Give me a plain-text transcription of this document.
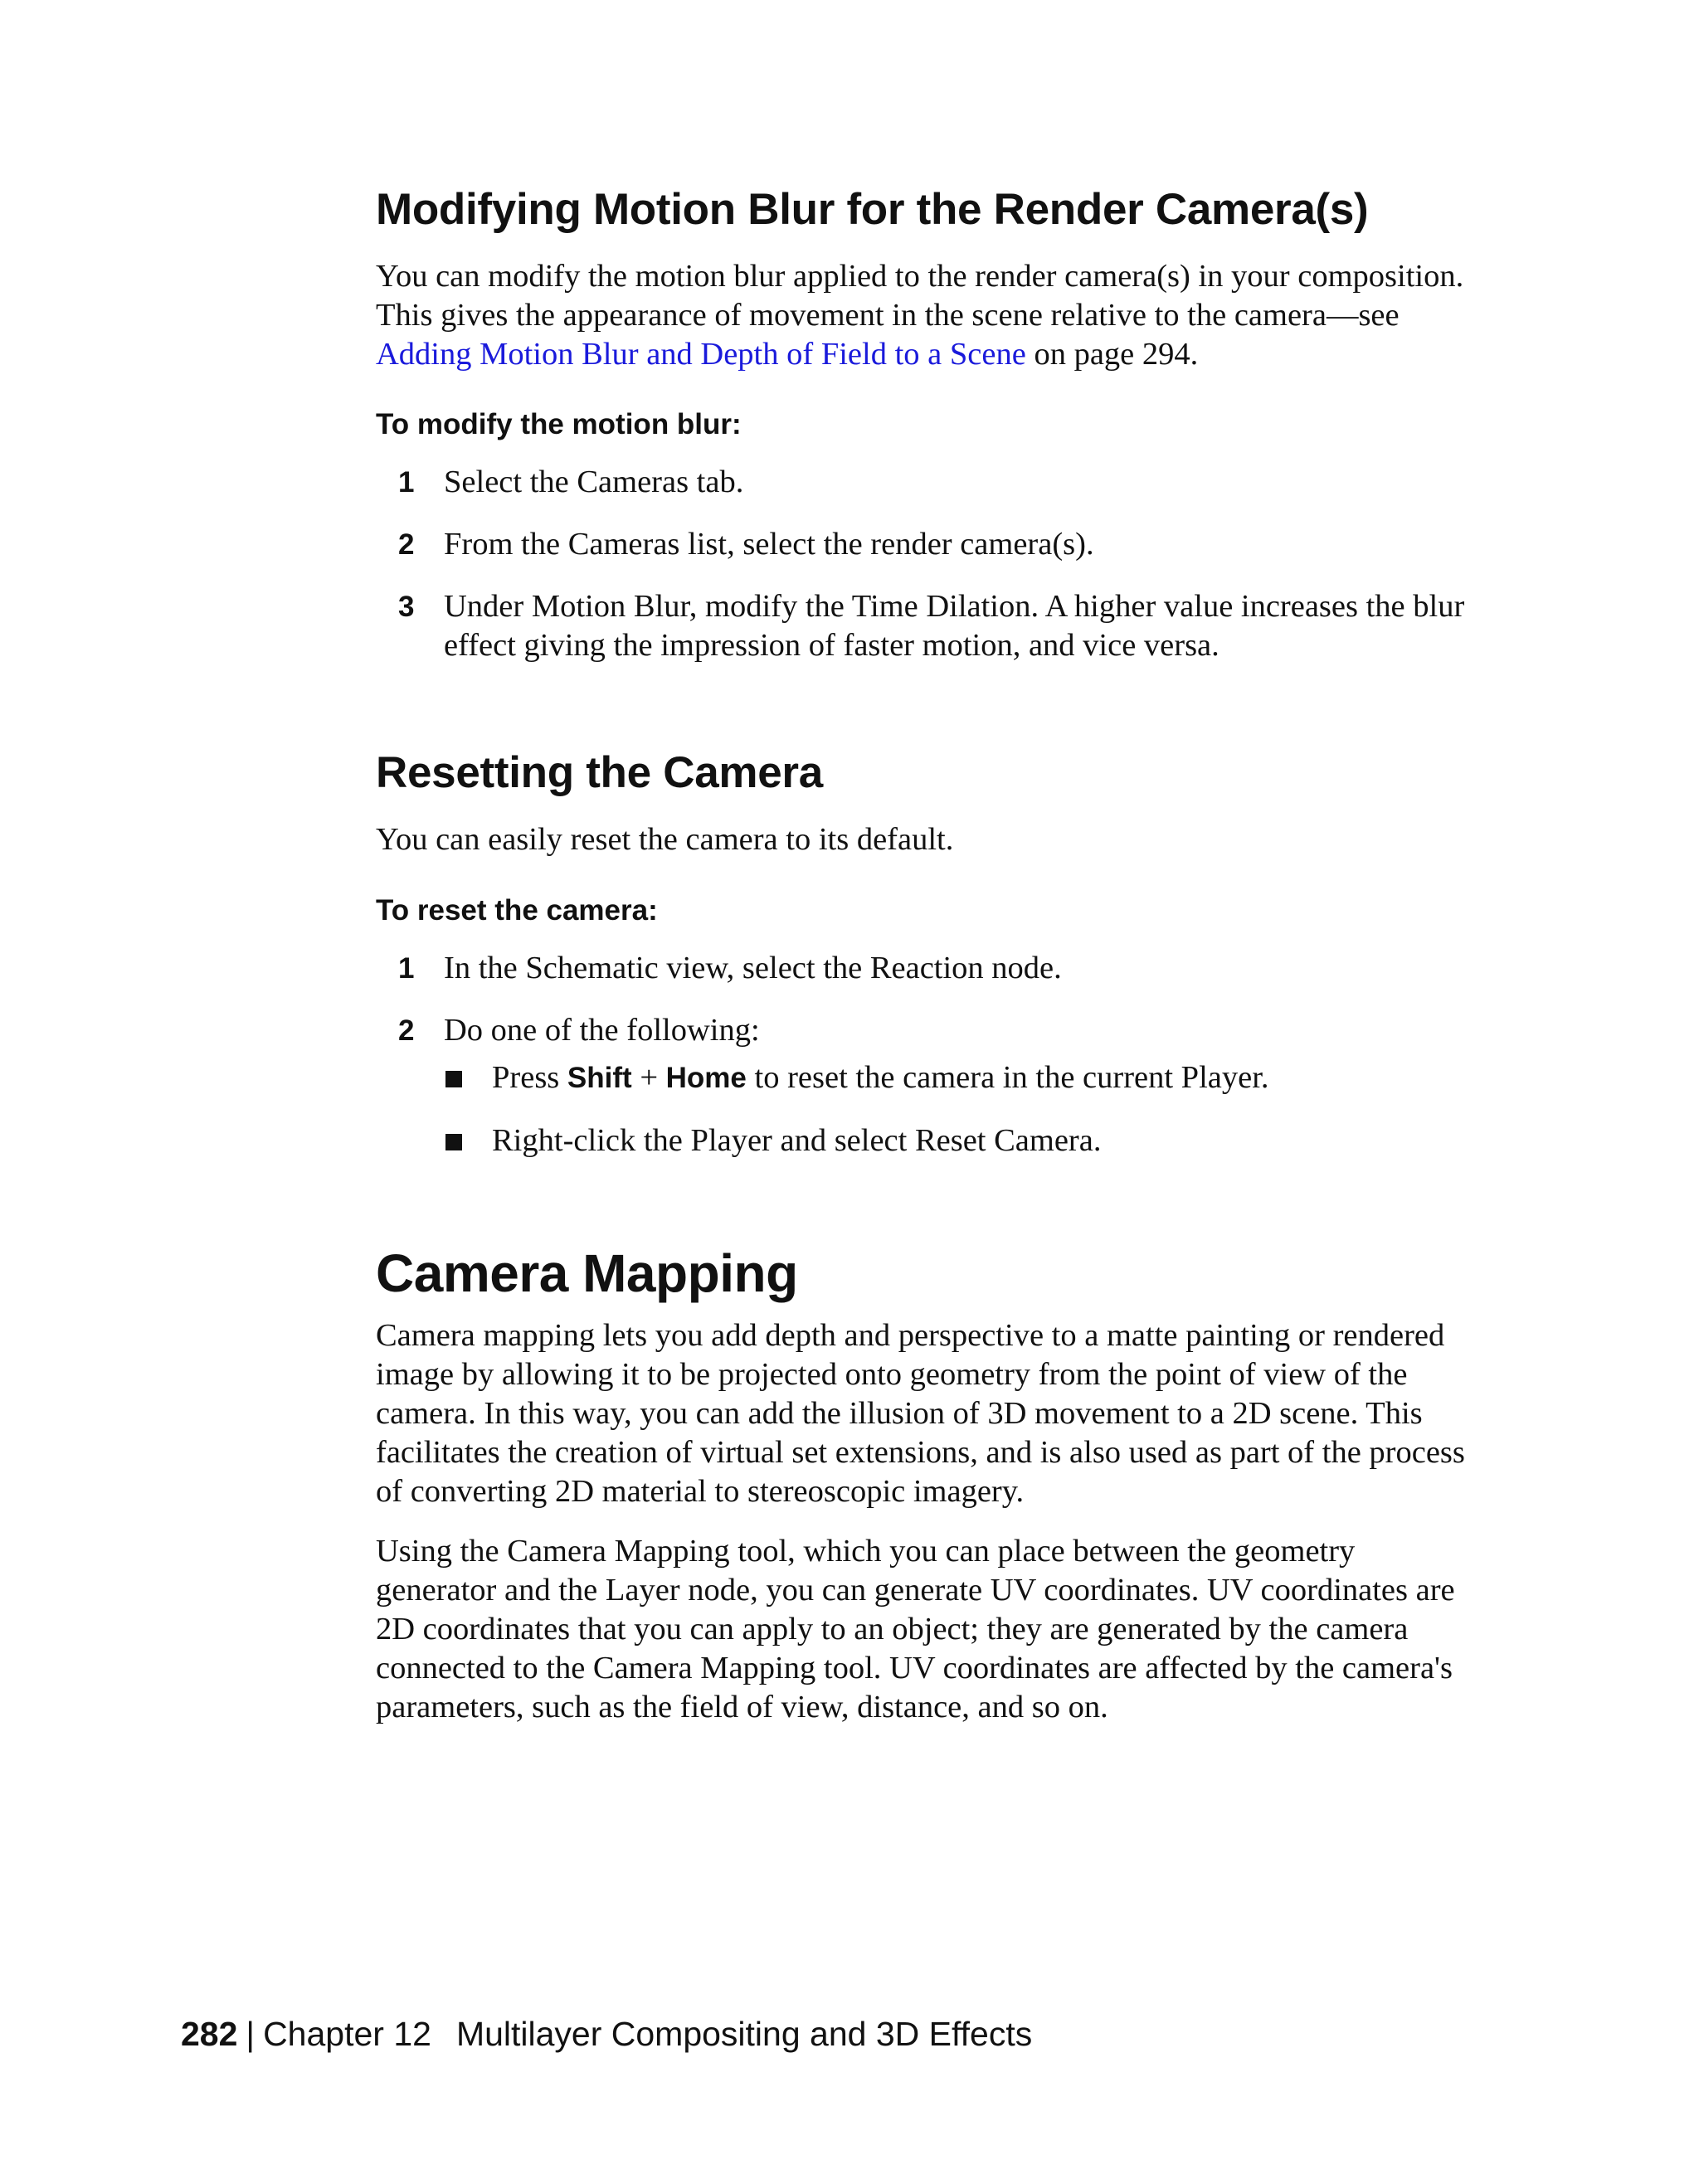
Modifying Motion Blur for the Render Camera(s)

You can modify the motion blur applied to the render camera(s) in your composition. This gives the appearance of movement in the scene relative to the camera—see Adding Motion Blur and Depth of Field to a Scene on page 294.

To modify the motion blur:

1 Select the Cameras tab.
2 From the Cameras list, select the render camera(s).
3 Under Motion Blur, modify the Time Dilation. A higher value increases the blur effect giving the impression of faster motion, and vice versa.
Resetting the Camera

You can easily reset the camera to its default.

To reset the camera:

1 In the Schematic view, select the Reaction node.
2 Do one of the following:
Press Shift + Home to reset the camera in the current Player.
Right-click the Player and select Reset Camera.
Camera Mapping

Camera mapping lets you add depth and perspective to a matte painting or rendered image by allowing it to be projected onto geometry from the point of view of the camera. In this way, you can add the illusion of 3D movement to a 2D scene. This facilitates the creation of virtual set extensions, and is also used as part of the process of converting 2D material to stereoscopic imagery.

Using the Camera Mapping tool, which you can place between the geometry generator and the Layer node, you can generate UV coordinates. UV coordinates are 2D coordinates that you can apply to an object; they are generated by the camera connected to the Camera Mapping tool. UV coordinates are affected by the camera's parameters, such as the field of view, distance, and so on.

282 | Chapter 12 Multilayer Compositing and 3D Effects
